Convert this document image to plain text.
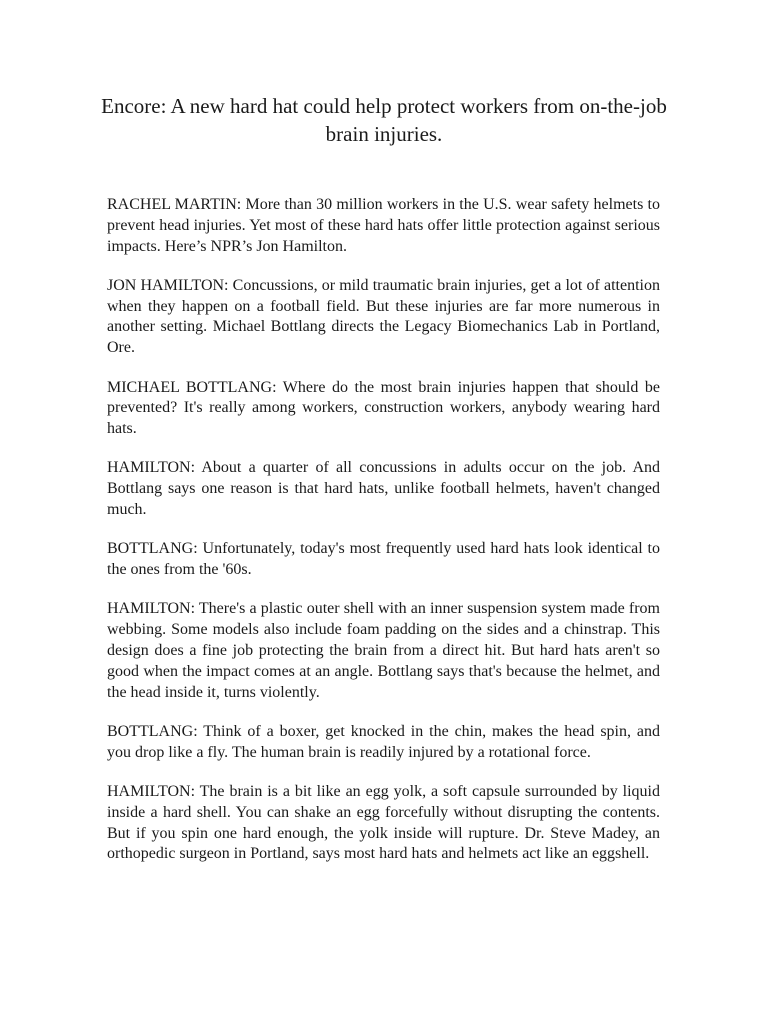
Encore: A new hard hat could help protect workers from on-the-job brain injuries.

RACHEL MARTIN: More than 30 million workers in the U.S. wear safety helmets to prevent head injuries. Yet most of these hard hats offer little protection against serious impacts. Here’s NPR’s Jon Hamilton.

JON HAMILTON: Concussions, or mild traumatic brain injuries, get a lot of attention when they happen on a football field. But these injuries are far more numerous in another setting. Michael Bottlang directs the Legacy Biomechanics Lab in Portland, Ore.

MICHAEL BOTTLANG: Where do the most brain injuries happen that should be prevented? It's really among workers, construction workers, anybody wearing hard hats.

HAMILTON: About a quarter of all concussions in adults occur on the job. And Bottlang says one reason is that hard hats, unlike football helmets, haven't changed much.

BOTTLANG: Unfortunately, today's most frequently used hard hats look identical to the ones from the '60s.

HAMILTON: There's a plastic outer shell with an inner suspension system made from webbing. Some models also include foam padding on the sides and a chinstrap. This design does a fine job protecting the brain from a direct hit. But hard hats aren't so good when the impact comes at an angle. Bottlang says that's because the helmet, and the head inside it, turns violently.

BOTTLANG: Think of a boxer, get knocked in the chin, makes the head spin, and you drop like a fly. The human brain is readily injured by a rotational force.

HAMILTON: The brain is a bit like an egg yolk, a soft capsule surrounded by liquid inside a hard shell. You can shake an egg forcefully without disrupting the contents. But if you spin one hard enough, the yolk inside will rupture. Dr. Steve Madey, an orthopedic surgeon in Portland, says most hard hats and helmets act like an eggshell.
